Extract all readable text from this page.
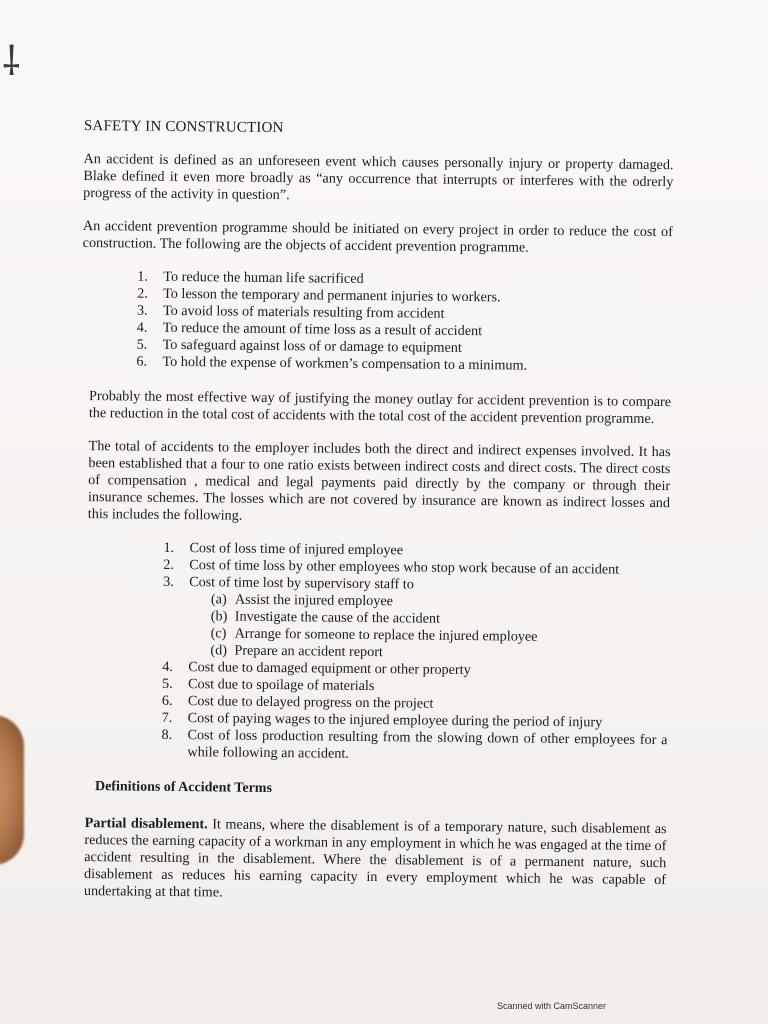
⸸
SAFETY IN CONSTRUCTION

An accident is defined as an unforeseen event which causes personally injury or property damaged. Blake defined it even more broadly as “any occurrence that interrupts or interferes with the odrerly progress of the activity in question”.

An accident prevention programme should be initiated on every project in order to reduce the cost of construction. The following are the objects of accident prevention programme.

1.	To reduce the human life sacrificed
2.	To lesson the temporary and permanent injuries to workers.
3.	To avoid loss of materials resulting from accident
4.	To reduce the amount of time loss as a result of accident
5.	To safeguard against loss of or damage to equipment
6.	To hold the expense of workmen’s compensation to a minimum.

Probably the most effective way of justifying the money outlay for accident prevention is to compare the reduction in the total cost of accidents with the total cost of the accident prevention programme.

The total of accidents to the employer includes both the direct and indirect expenses involved. It has been established that a four to one ratio exists between indirect costs and direct costs. The direct costs of compensation , medical and legal payments paid directly by the company or through their insurance schemes. The losses which are not covered by insurance are known as indirect losses and this includes the following.

1.	Cost of loss time of injured employee
2.	Cost of time loss by other employees who stop work because of an accident
3.	Cost of time lost by supervisory staff to
(a) Assist the injured employee
(b) Investigate the cause of the accident
(c) Arrange for someone to replace the injured employee
(d) Prepare an accident report
4.	Cost due to damaged equipment or other property
5.	Cost due to spoilage of materials
6.	Cost due to delayed progress on the project
7.	Cost of paying wages to the injured employee during the period of injury
8.	Cost of loss production resulting from the slowing down of other employees for a while following an accident.
Definitions of Accident Terms

Partial disablement. It means, where the disablement is of a temporary nature, such disablement as reduces the earning capacity of a workman in any employment in which he was engaged at the time of accident resulting in the disablement. Where the disablement is of a permanent nature, such disablement as reduces his earning capacity in every employment which he was capable of undertaking at that time.

Scanned with CamScanner
